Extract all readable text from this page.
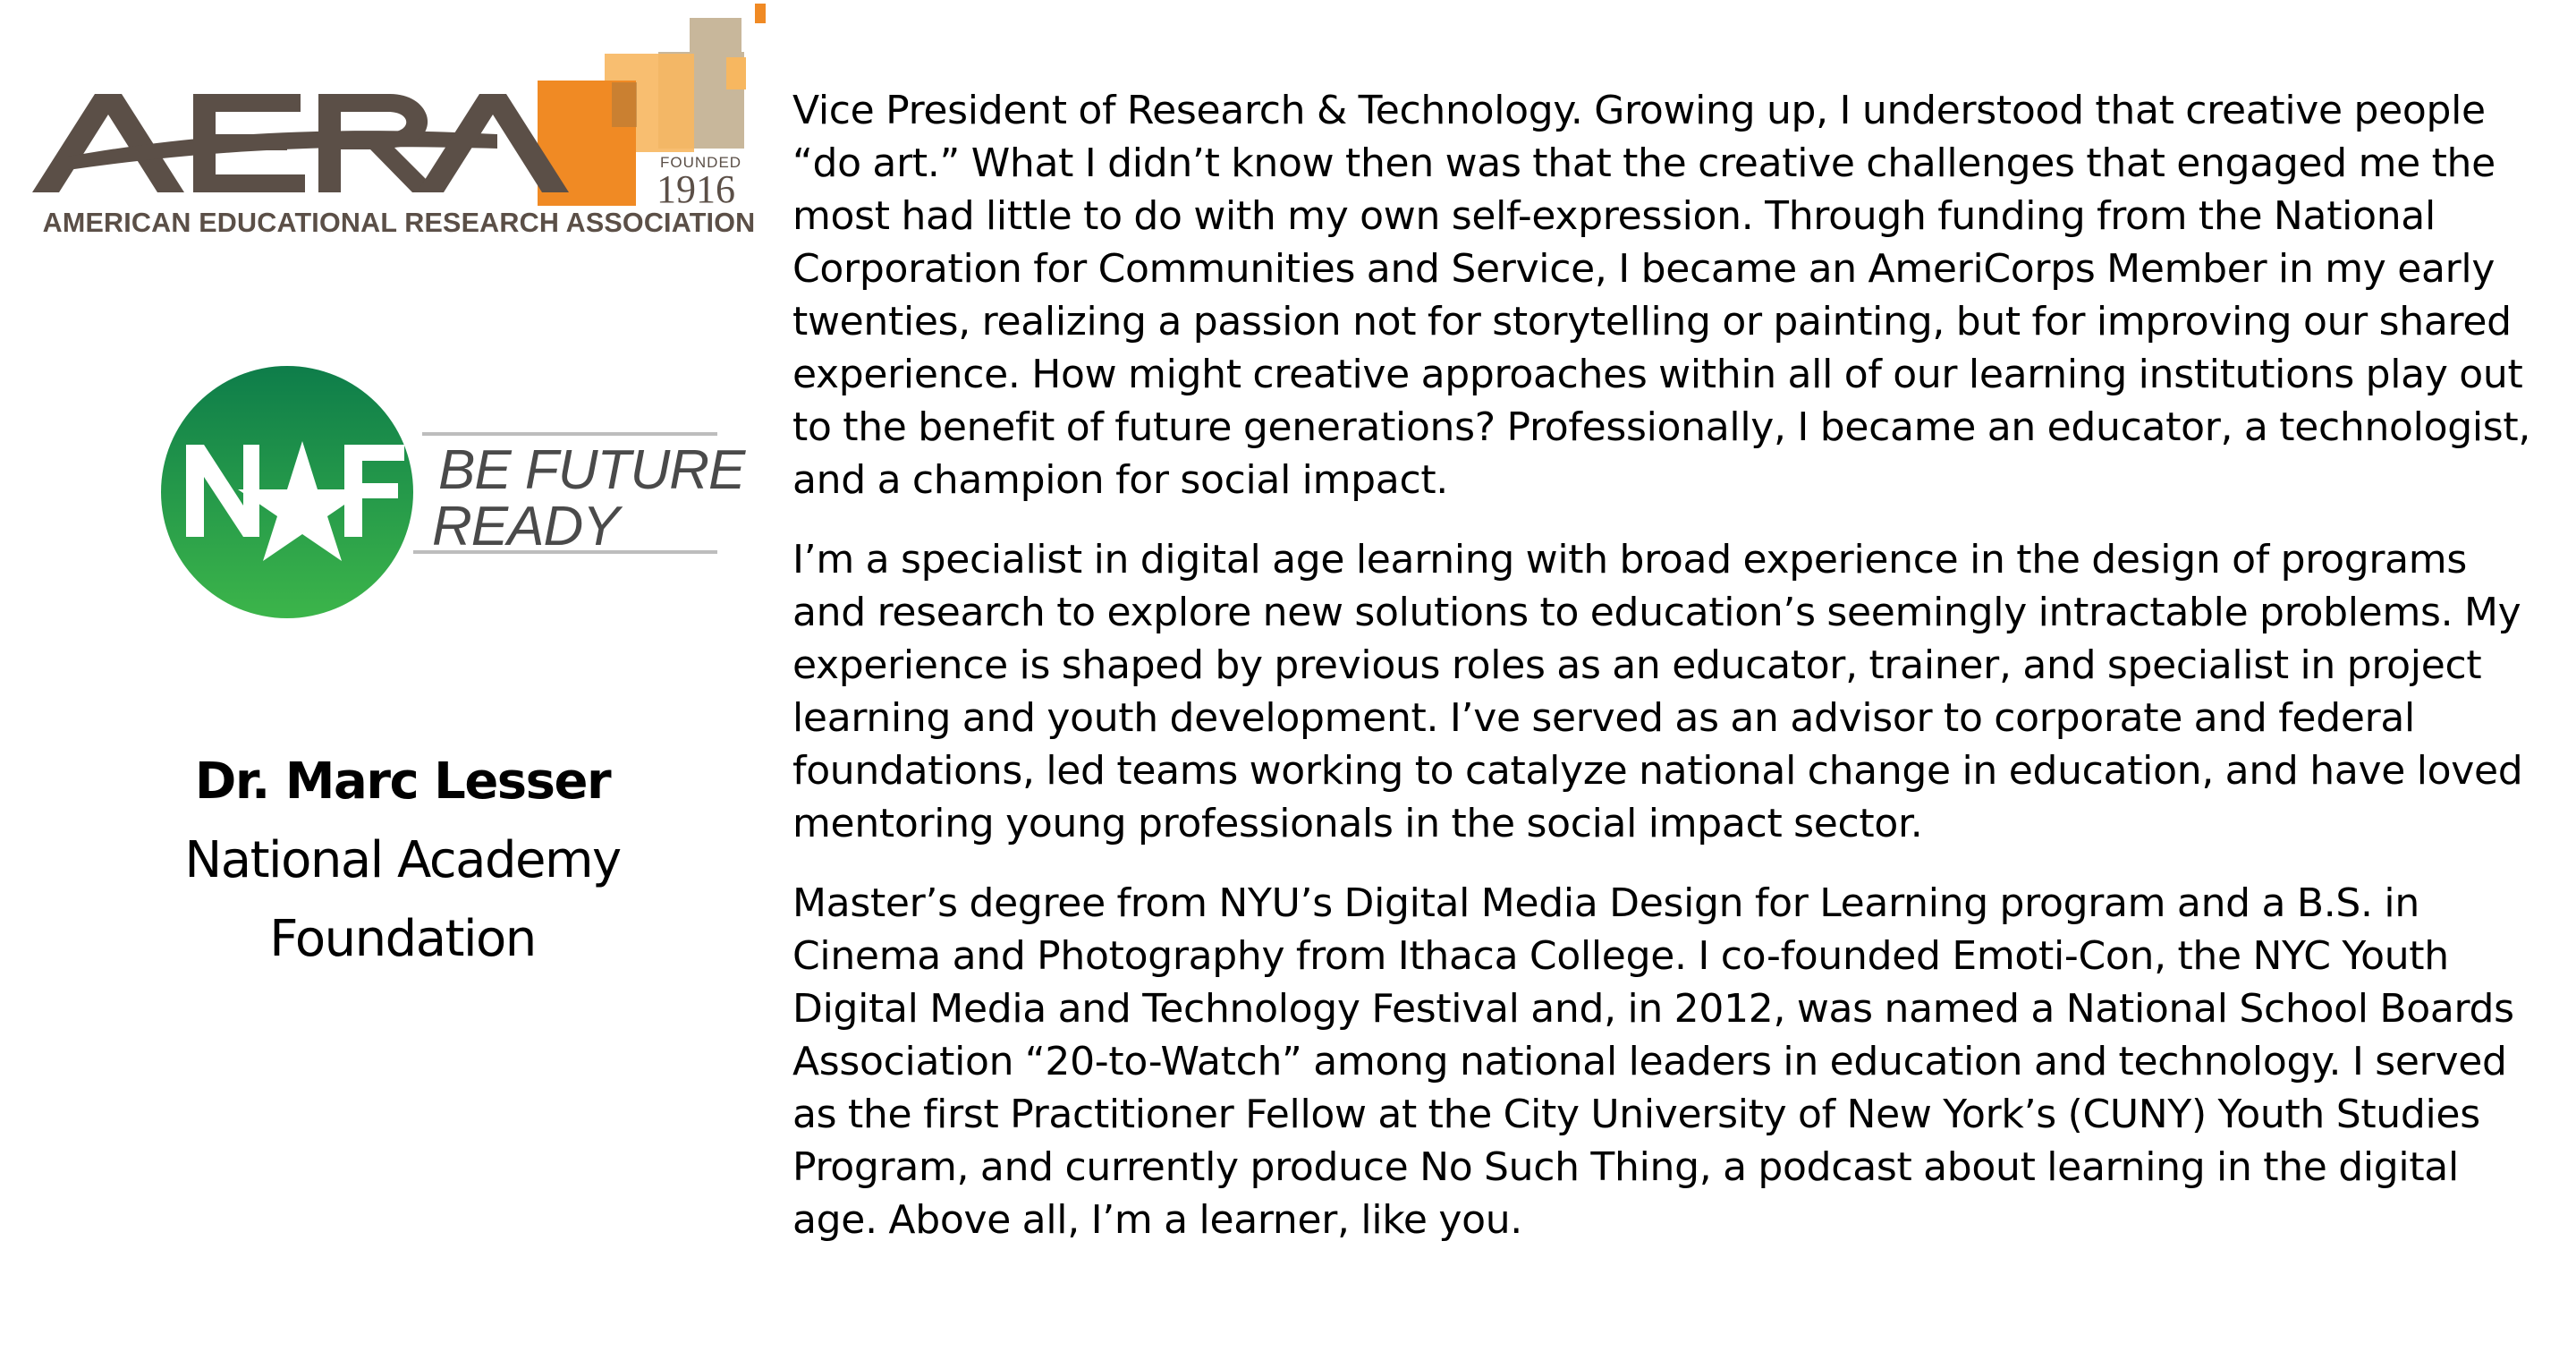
FOUNDED
1916
AMERICAN EDUCATIONAL RESEARCH ASSOCIATION
BE FUTURE
READY
Dr. Marc Lesser
National Academy
Foundation

Vice President of Research & Technology. Growing up, I understood that creative people “do art.” What I didn’t know then was that the creative challenges that engaged me the most had little to do with my own self-expression. Through funding from the National Corporation for Communities and Service, I became an AmeriCorps Member in my early twenties, realizing a passion not for storytelling or painting, but for improving our shared experience. How might creative approaches within all of our learning institutions play out to the benefit of future generations? Professionally, I became an educator, a technologist, and a champion for social impact.

I’m a specialist in digital age learning with broad experience in the design of programs and research to explore new solutions to education’s seemingly intractable problems. My experience is shaped by previous roles as an educator, trainer, and specialist in project learning and youth development. I’ve served as an advisor to corporate and federal foundations, led teams working to catalyze national change in education, and have loved mentoring young professionals in the social impact sector.

Master’s degree from NYU’s Digital Media Design for Learning program and a B.S. in Cinema and Photography from Ithaca College. I co-founded Emoti-Con, the NYC Youth Digital Media and Technology Festival and, in 2012, was named a National School Boards Association “20-to-Watch” among national leaders in education and technology. I served as the first Practitioner Fellow at the City University of New York’s (CUNY) Youth Studies Program, and currently produce No Such Thing, a podcast about learning in the digital age. Above all, I’m a learner, like you.
